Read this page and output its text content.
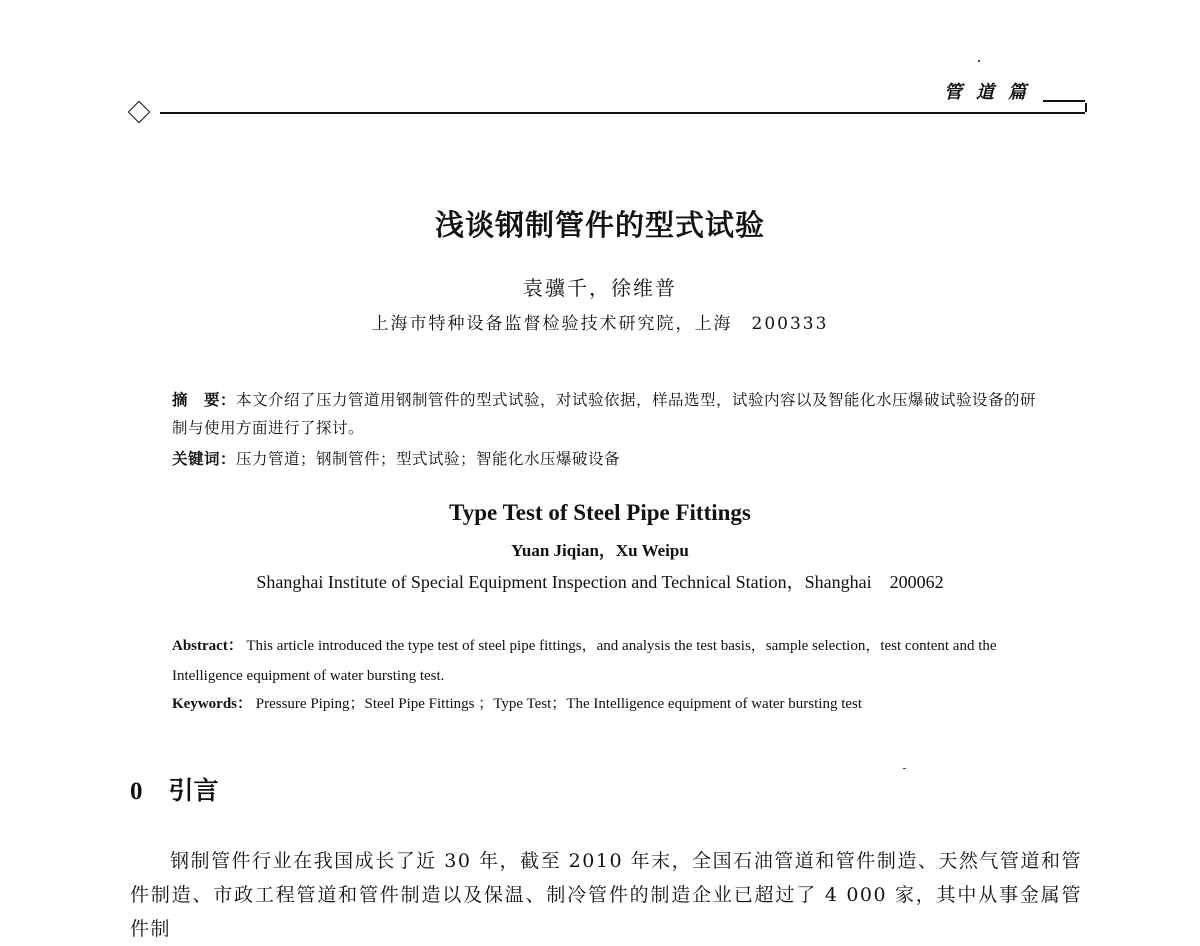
管道篇
浅谈钢制管件的型式试验
袁骥千，徐维普
上海市特种设备监督检验技术研究院，上海　200333
摘　要：本文介绍了压力管道用钢制管件的型式试验，对试验依据，样品选型，试验内容以及智能化水压爆破试验设备的研制与使用方面进行了探讨。
关键词：压力管道；钢制管件；型式试验；智能化水压爆破设备
Type Test of Steel Pipe Fittings
Yuan Jiqian，Xu Weipu
Shanghai Institute of Special Equipment Inspection and Technical Station，Shanghai　200062
Abstract： This article introduced the type test of steel pipe fittings，and analysis the test basis，sample selection，test content and the Intelligence equipment of water bursting test.
Keywords： Pressure Piping；Steel Pipe Fittings ；Type Test；The Intelligence equipment of water bursting test
0 引言
钢制管件行业在我国成长了近 30 年，截至 2010 年末，全国石油管道和管件制造、天然气管道和管件制造、市政工程管道和管件制造以及保温、制冷管件的制造企业已超过了 4 000 家，其中从事金属管件制
